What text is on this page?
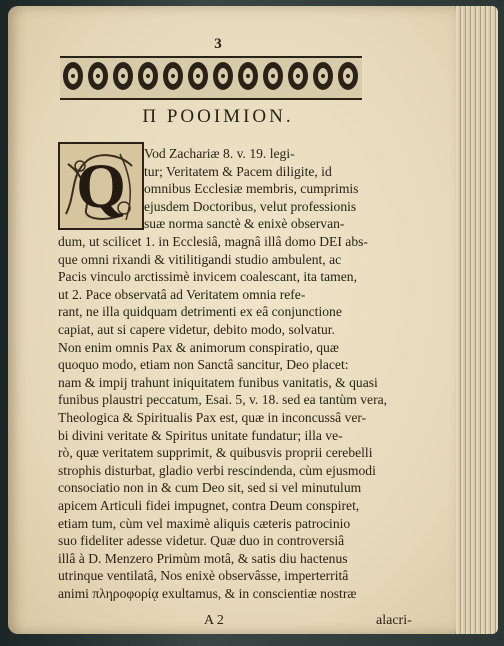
3
Π ΡΟΟΙΜΙΟΝ.
Q	Vod Zachariæ 8. v. 19. legi-
tur; Veritatem & Pacem diligite, id
omnibus Ecclesiæ membris, cumprimis
ejusdem Doctoribus, velut professionis
suæ norma sanctè & enixè observan-
dum, ut scilicet 1. in Ecclesiâ, magnâ illâ domo DEI abs-
que omni rixandi & vitilitigandi studio ambulent, ac
Pacis vinculo arctissimè invicem coalescant, ita tamen,
ut 2. Pace observatâ ad Veritatem omnia refe-
rant, ne illa quidquam detrimenti ex eâ conjunctione
capiat, aut si capere videtur, debito modo, solvatur.
Non enim omnis Pax & animorum conspiratio, quæ
quoquo modo, etiam non Sanctâ sancitur, Deo placet:
nam & impij trahunt iniquitatem funibus vanitatis, & quasi
funibus plaustri peccatum, Esai. 5, v. 18. sed ea tantùm vera,
Theologica & Spiritualis Pax est, quæ in inconcussâ ver-
bi divini veritate & Spiritus unitate fundatur; illa ve-
rò, quæ veritatem supprimit, & quibusvis proprii cerebelli
strophis disturbat, gladio verbi rescindenda, cùm ejusmodi
consociatio non in & cum Deo sit, sed si vel minutulum
apicem Articuli fidei impugnet, contra Deum conspiret,
etiam tum, cùm vel maximè aliquis cæteris patrocinio
suo fideliter adesse videtur. Quæ duo in controversiâ
illâ à D. Menzero Primùm motâ, & satis diu hactenus
utrinque ventilatâ, Nos enixè observâsse, imperterritâ
animi πληροφορίᾳ exultamus, & in conscientiæ nostræ
A 2	alacri-
